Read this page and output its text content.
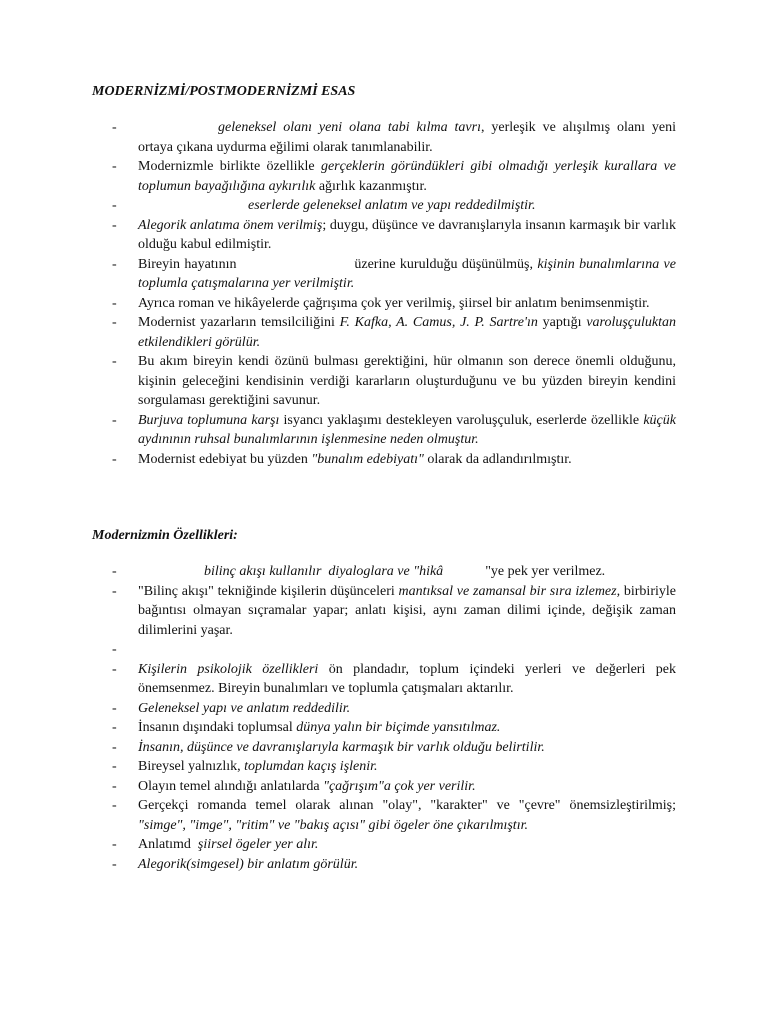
MODERNİZMİ/POSTMODERNİZMİ ESAS

-	geleneksel olanı yeni olana tabi kılma tavrı, yerleşik ve alışılmış olanı yeni ortaya çıkana uydurma eğilimi olarak tanımlanabilir.
- Modernizmle birlikte özellikle gerçeklerin göründükleri gibi olmadığı yerleşik kurallara ve toplumun bayağılığına aykırılık ağırlık kazanmıştır.
-	eserlerde geleneksel anlatım ve yapı reddedilmiştir.
- Alegorik anlatıma önem verilmiş; duygu, düşünce ve davranışlarıyla insanın karmaşık bir varlık olduğu kabul edilmiştir.
- Bireyin hayatının                           üzerine kurulduğu düşünülmüş, kişinin bunalımlarına ve toplumla çatışmalarına yer verilmiştir.
- Ayrıca roman ve hikâyelerde çağrışıma çok yer verilmiş, şiirsel bir anlatım benimsenmiştir.
- Modernist yazarların temsilciliğini F. Kafka, A. Camus, J. P. Sartre'ın yaptığı varoluşçuluktan etkilendikleri görülür.
- Bu akım bireyin kendi özünü bulması gerektiğini, hür olmanın son derece önemli olduğunu, kişinin geleceğini kendisinin verdiği kararların oluşturduğunu ve bu yüzden bireyin kendini sorgulaması gerektiğini savunur.
- Burjuva toplumuna karşı isyancı yaklaşımı destekleyen varoluşçuluk, eserlerde özellikle küçük aydınının ruhsal bunalımlarının işlenmesine neden olmuştur.
- Modernist edebiyat bu yüzden "bunalım edebiyatı" olarak da adlandırılmıştır.

Modernizmin Özellikleri:

-	bilinç akışı kullanılır  diyaloglara ve "hikâ            "ye pek yer verilmez.
- "Bilinç akışı" tekniğinde kişilerin düşünceleri mantıksal ve zamansal bir sıra izlemez, birbiriyle bağıntısı olmayan sıçramalar yapar; anlatı kişisi, aynı zaman dilimi içinde, değişik zaman dilimlerini yaşar.
-

- Kişilerin psikolojik özellikleri ön plandadır, toplum içindeki yerleri ve değerleri pek önemsenmez. Bireyin bunalımları ve toplumla çatışmaları aktarılır.
- Geleneksel yapı ve anlatım reddedilir.
- İnsanın dışındaki toplumsal dünya yalın bir biçimde yansıtılmaz.
- İnsanın, düşünce ve davranışlarıyla karmaşık bir varlık olduğu belirtilir.
- Bireysel yalnızlık, toplumdan kaçış işlenir.
- Olayın temel alındığı anlatılarda "çağrışım"a çok yer verilir.
- Gerçekçi romanda temel olarak alınan "olay", "karakter" ve "çevre" önemsizleştirilmiş; "simge", "imge", "ritim" ve "bakış açısı" gibi ögeler öne çıkarılmıştır.
- Anlatımd  şiirsel ögeler yer alır.
- Alegorik(simgesel) bir anlatım görülür.
